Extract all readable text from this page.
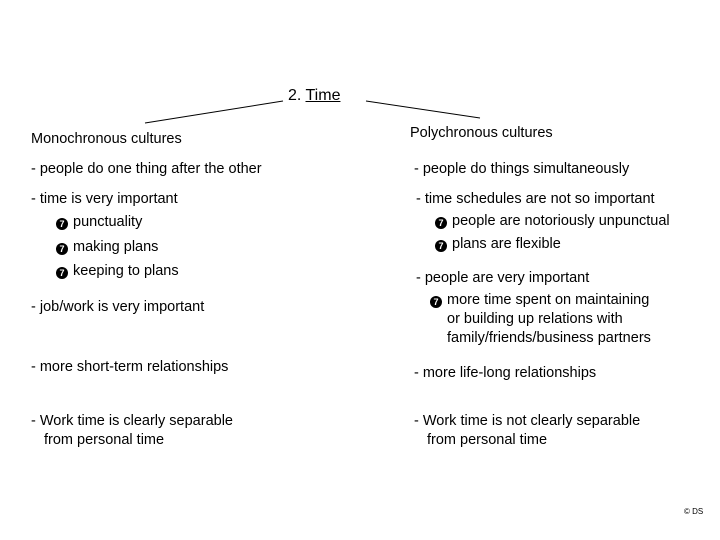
2. Time
Monochronous cultures
- people do one thing after the other
- time is very important
7 punctuality
7 making plans
7 keeping to plans
- job/work is very important
- more short-term relationships
- Work time is clearly separable
from personal time
Polychronous cultures
- people do things simultaneously
- time schedules are not so important
7 people are notoriously unpunctual
7 plans are flexible
- people are very important
7 more time spent on maintaining
or building up relations with
family/friends/business partners
- more life-long relationships
- Work time is not clearly separable
from personal time
© DS
